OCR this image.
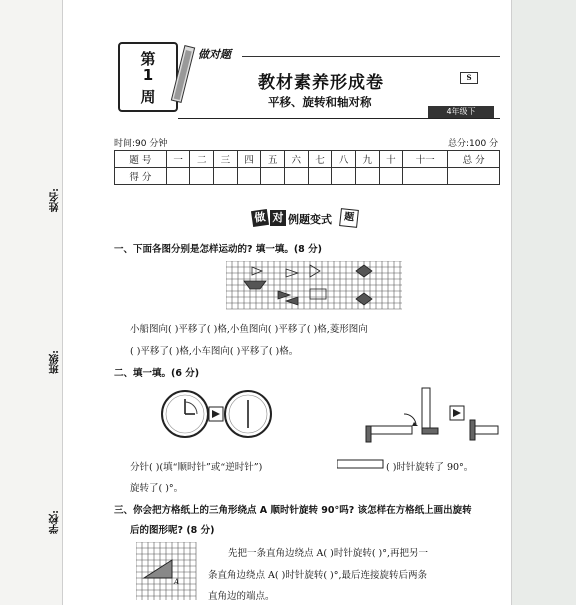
姓名:
班级:
学校:
第
1
周
做对题
教材素养形成卷	S
平移、旋转和轴对称
4年级下
时间:90 分钟	总分:100 分
题 号	一	二	三	四	五	六	七	八	九	十	十一	总 分
得 分												
做 对 例题变式	题
一、下面各图分别是怎样运动的? 填一填。(8 分)
小船图向( )平移了( )格,小鱼图向( )平移了( )格,菱形图向
( )平移了( )格,小车图向( )平移了( )格。
二、填一填。(6 分)
分针( )(填“顺时针”或“逆时针”)	( )时针旋转了 90°。
旋转了( )°。
三、你会把方格纸上的三角形绕点 A 顺时针旋转 90°吗? 该怎样在方格纸上画出旋转
后的图形呢? (8 分)
A
先把一条直角边绕点 A( )时针旋转( )°,再把另一
条直角边绕点 A( )时针旋转( )°,最后连接旋转后两条
直角边的端点。
